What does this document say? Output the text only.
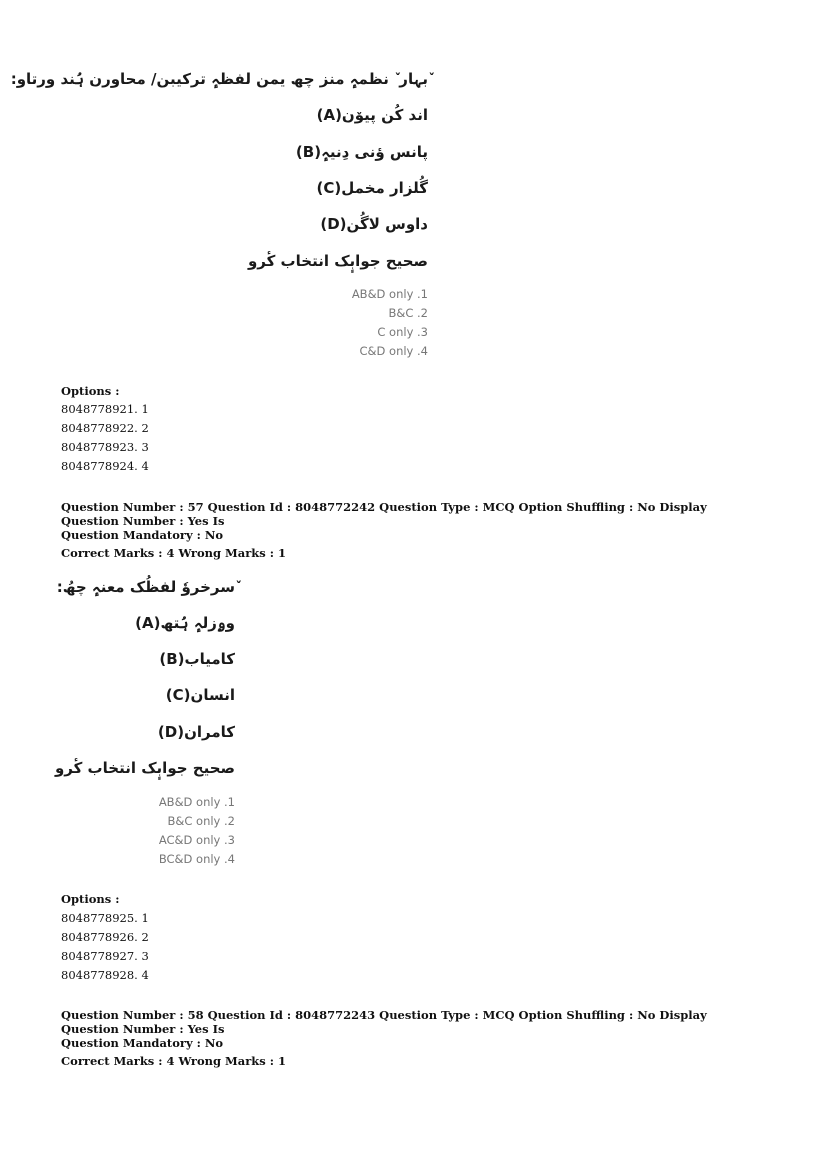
ٚبہار ٚ نظمہٕ منز چھ یمن لفظہٕ ترکیبن/ محاورن ہُند ورتاو:
اند کُن پیوٚن(A)
پانس ؤنی دِنیہٕ(B)
گُلزار مخمل(C)
داوس لاگُن(D)
صحیح جوابٕک انتخاب کٔرو
AB&D only .1
B&C .2
C only .3
C&D only .4
Options :
8048778921. 1
8048778922. 2
8048778923. 3
8048778924. 4
Question Number : 57 Question Id : 8048772242 Question Type : MCQ Option Shuffling : No Display Question Number : Yes Is
Question Mandatory : No
Correct Marks : 4 Wrong Marks : 1
ٚسرخروٗ لفظُک معنہٕ چھُ:
وۄزلہٕ ہُتھ(A)
کامیاب(B)
انسان(C)
کامران(D)
صحیح جوابٕک انتخاب کٔرو
AB&D only .1
B&C only .2
AC&D only .3
BC&D only .4
Options :
8048778925. 1
8048778926. 2
8048778927. 3
8048778928. 4
Question Number : 58 Question Id : 8048772243 Question Type : MCQ Option Shuffling : No Display Question Number : Yes Is
Question Mandatory : No
Correct Marks : 4 Wrong Marks : 1
